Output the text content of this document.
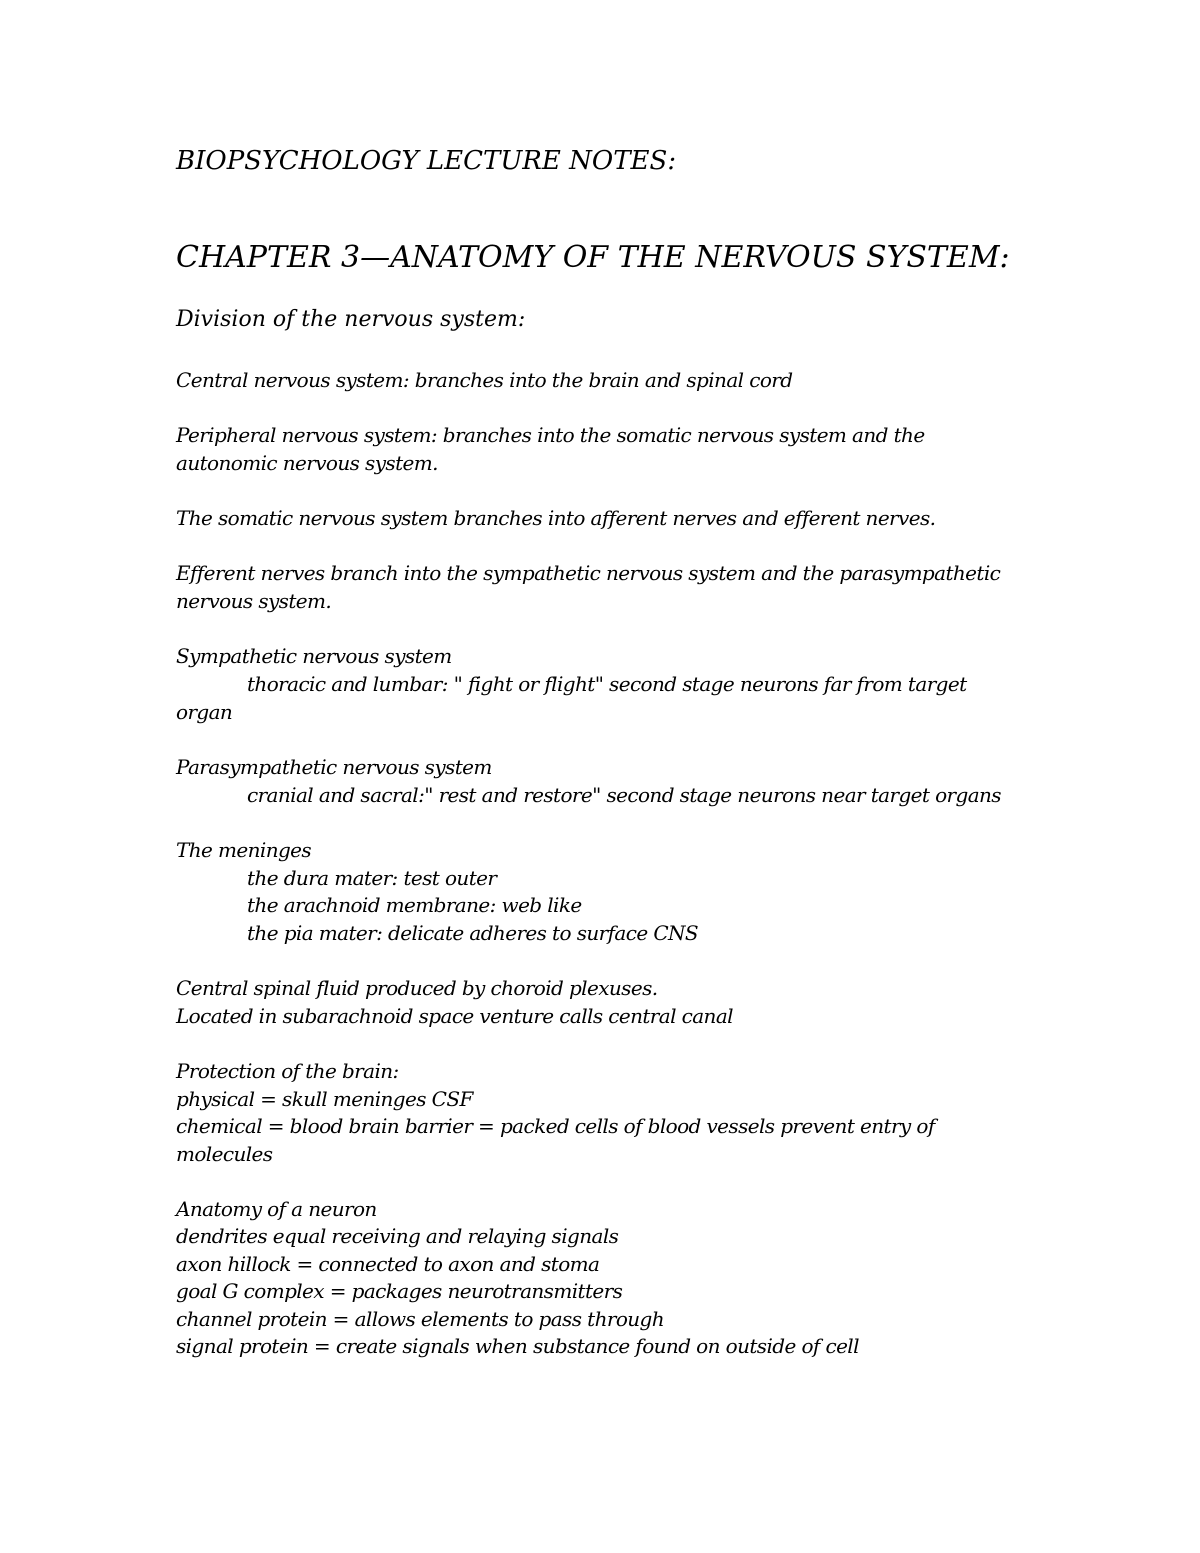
BIOPSYCHOLOGY LECTURE NOTES:

CHAPTER 3—ANATOMY OF THE NERVOUS SYSTEM:

Division of the nervous system:

Central nervous system: branches into the brain and spinal cord

Peripheral nervous system: branches into the somatic nervous system and the

autonomic nervous system.

The somatic nervous system branches into afferent nerves and efferent nerves.

Efferent nerves branch into the sympathetic nervous system and the parasympathetic

nervous system.

Sympathetic nervous system

thoracic and lumbar: " fight or flight" second stage neurons far from target

organ

Parasympathetic nervous system

cranial and sacral:" rest and restore" second stage neurons near target organs

The meninges

the dura mater: test outer

the arachnoid membrane: web like

the pia mater: delicate adheres to surface CNS

Central spinal fluid produced by choroid plexuses.

Located in subarachnoid space venture calls central canal

Protection of the brain:

physical = skull meninges CSF

chemical = blood brain barrier = packed cells of blood vessels prevent entry of

molecules

Anatomy of a neuron

dendrites equal receiving and relaying signals

axon hillock = connected to axon and stoma

goal G complex = packages neurotransmitters

channel protein = allows elements to pass through

signal protein = create signals when substance found on outside of cell
